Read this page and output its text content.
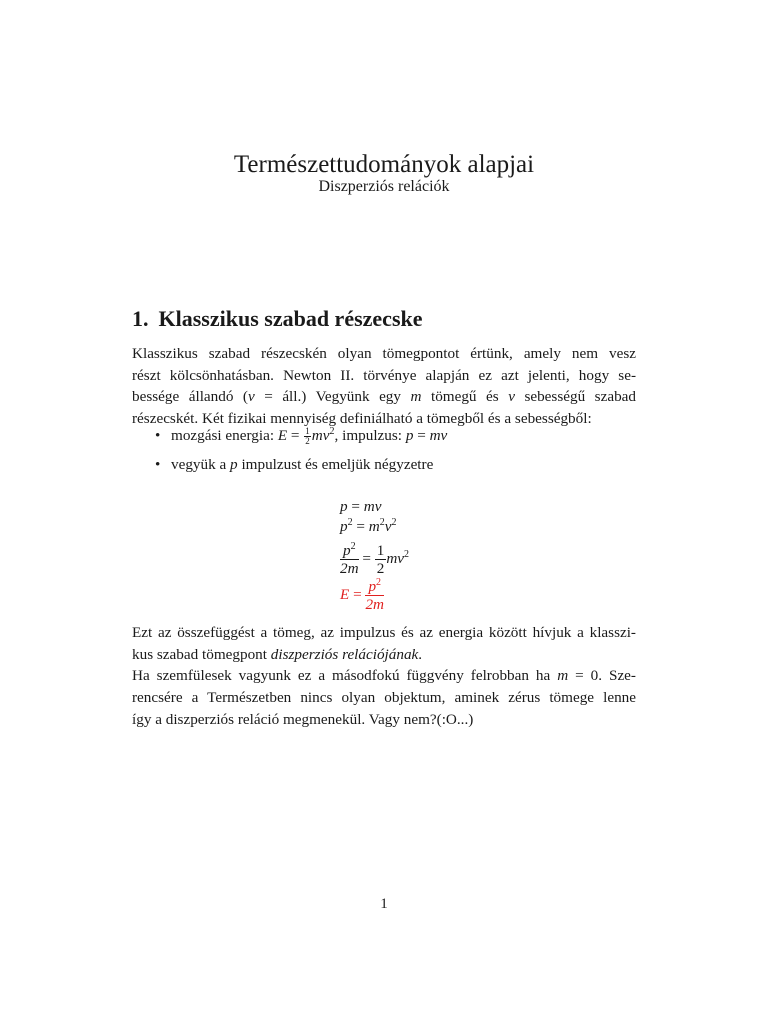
Természettudományok alapjai
Diszperziós relációk
1. Klasszikus szabad részecske
Klasszikus szabad részecskén olyan tömegpontot értünk, amely nem vesz
részt kölcsönhatásban. Newton II. törvénye alapján ez azt jelenti, hogy se-
bessége állandó (v = áll.) Vegyünk egy m tömegű és v sebességű szabad
részecskét. Két fizikai mennyiség definiálható a tömegből és a sebességből:
• mozgási energia: $E = \frac{1}{2} mv^2$, impulzus: p = mv
• vegyük a p impulzust és emeljük négyzetre
p = mv
$p^2 = m^2v^2$
$\frac{p^2}{2m} = \frac{1}{2} mv^2$
$E = \frac{p^2}{2m}$
Ezt az összefüggést a tömeg, az impulzus és az energia között hívjuk a klasszi-
kus szabad tömegpont diszperziós relációjának.
Ha szemfülesek vagyunk ez a másodfokú függvény felrobban ha m = 0. Sze-
rencsére a Természetben nincs olyan objektum, aminek zérus tömege lenne
így a diszperziós reláció megmenekül. Vagy nem?(:O...)
1
